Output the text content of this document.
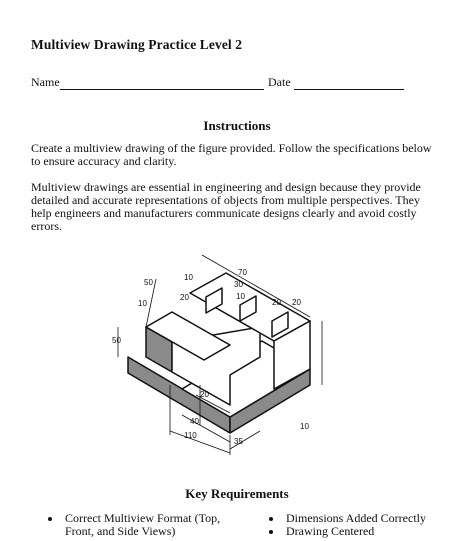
Multiview Drawing Practice Level 2
Name	Date
Instructions
Create a multiview drawing of the figure provided. Follow the specifications below to ensure accuracy and clarity.
Multiview drawings are essential in engineering and design because they provide detailed and accurate representations of objects from multiple perspectives. They help engineers and manufacturers communicate designs clearly and avoid costly errors.
50
10
20
10
50
70
30
10
20 20
20
40
110
35
10
Key Requirements
Correct Multiview Format (Top, Front, and Side Views)
Dimensions Added Correctly
Drawing Centered
